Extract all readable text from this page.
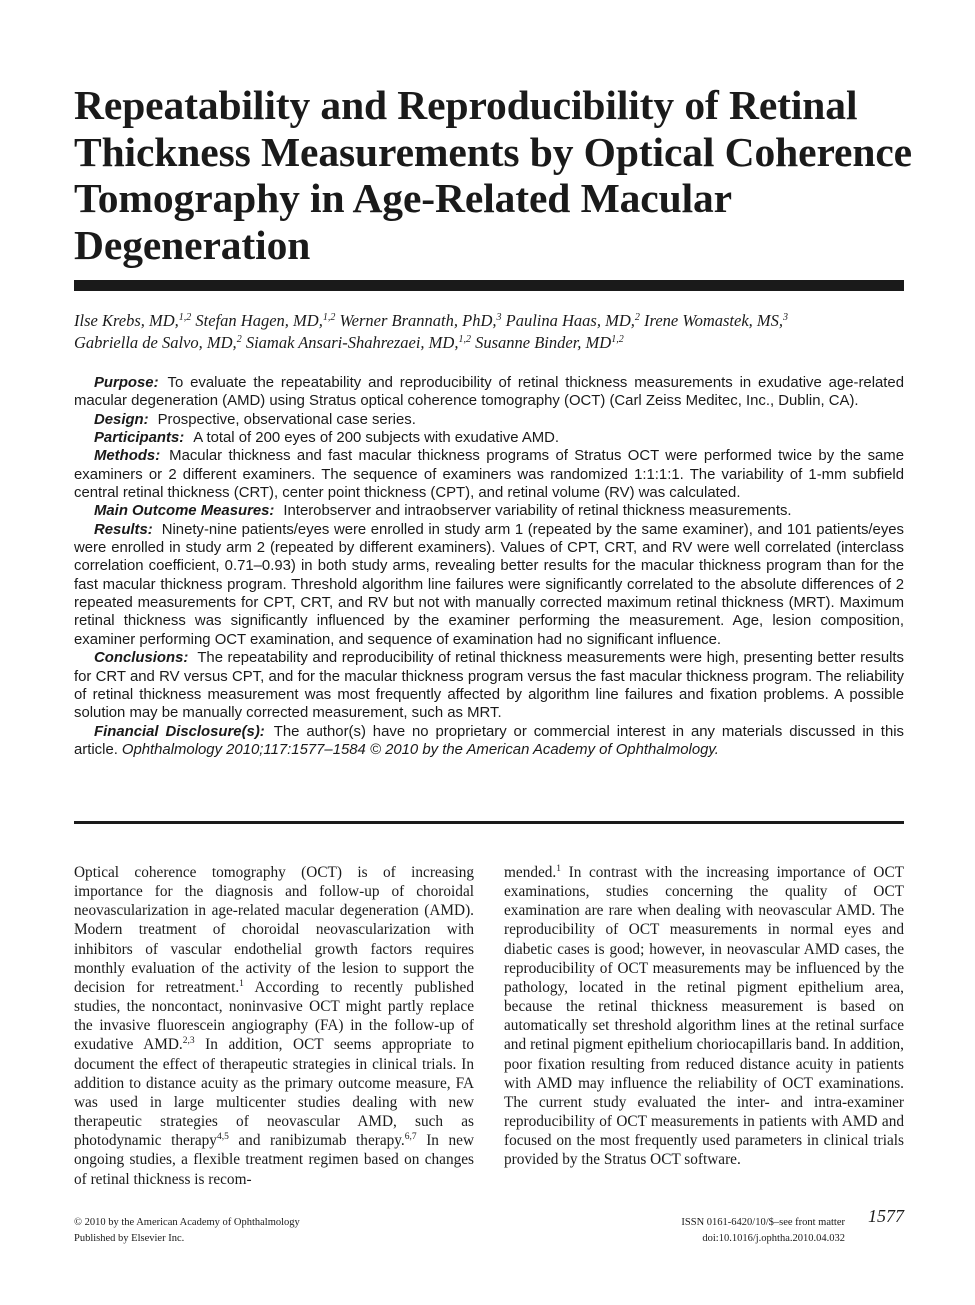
Repeatability and Reproducibility of Retinal Thickness Measurements by Optical Coherence Tomography in Age-Related Macular Degeneration
Ilse Krebs, MD,$^{1,2}$ Stefan Hagen, MD,$^{1,2}$ Werner Brannath, PhD,$^3$ Paulina Haas, MD,$^2$ Irene Womastek, MS,$^3$
Gabriella de Salvo, MD,$^2$ Siamak Ansari-Shahrezaei, MD,$^{1,2}$ Susanne Binder, MD$^{1,2}$

Purpose: To evaluate the repeatability and reproducibility of retinal thickness measurements in exudative age-related macular degeneration (AMD) using Stratus optical coherence tomography (OCT) (Carl Zeiss Meditec, Inc., Dublin, CA).

Design: Prospective, observational case series.

Participants: A total of 200 eyes of 200 subjects with exudative AMD.

Methods: Macular thickness and fast macular thickness programs of Stratus OCT were performed twice by the same examiners or 2 different examiners. The sequence of examiners was randomized 1:1:1:1. The variability of 1-mm subfield central retinal thickness (CRT), center point thickness (CPT), and retinal volume (RV) was calculated.

Main Outcome Measures: Interobserver and intraobserver variability of retinal thickness measurements.

Results: Ninety-nine patients/eyes were enrolled in study arm 1 (repeated by the same examiner), and 101 patients/eyes were enrolled in study arm 2 (repeated by different examiners). Values of CPT, CRT, and RV were well correlated (interclass correlation coefficient, 0.71–0.93) in both study arms, revealing better results for the macular thickness program than for the fast macular thickness program. Threshold algorithm line failures were significantly correlated to the absolute differences of 2 repeated measurements for CPT, CRT, and RV but not with manually corrected maximum retinal thickness (MRT). Maximum retinal thickness was significantly influenced by the examiner performing the measurement. Age, lesion composition, examiner performing OCT examination, and sequence of examination had no significant influence.

Conclusions: The repeatability and reproducibility of retinal thickness measurements were high, presenting better results for CRT and RV versus CPT, and for the macular thickness program versus the fast macular thickness program. The reliability of retinal thickness measurement was most frequently affected by algorithm line failures and fixation problems. A possible solution may be manually corrected measurement, such as MRT.

Financial Disclosure(s): The author(s) have no proprietary or commercial interest in any materials discussed in this article. Ophthalmology 2010;117:1577–1584 © 2010 by the American Academy of Ophthalmology.

Optical coherence tomography (OCT) is of increasing importance for the diagnosis and follow-up of choroidal neovascularization in age-related macular degeneration (AMD). Modern treatment of choroidal neovascularization with inhibitors of vascular endothelial growth factors requires monthly evaluation of the activity of the lesion to support the decision for retreatment.$^1$ According to recently published studies, the noncontact, noninvasive OCT might partly replace the invasive fluorescein angiography (FA) in the follow-up of exudative AMD.$^{2,3}$ In addition, OCT seems appropriate to document the effect of therapeutic strategies in clinical trials. In addition to distance acuity as the primary outcome measure, FA was used in large multicenter studies dealing with new therapeutic strategies of neovascular AMD, such as photodynamic therapy$^{4,5}$ and ranibizumab therapy.$^{6,7}$ In new ongoing studies, a flexible treatment regimen based on changes of retinal thickness is recom-

mended.$^1$ In contrast with the increasing importance of OCT examinations, studies concerning the quality of OCT examination are rare when dealing with neovascular AMD. The reproducibility of OCT measurements in normal eyes and diabetic cases is good; however, in neovascular AMD cases, the reproducibility of OCT measurements may be influenced by the pathology, located in the retinal pigment epithelium area, because the retinal thickness measurement is based on automatically set threshold algorithm lines at the retinal surface and retinal pigment epithelium choriocapillaris band. In addition, poor fixation resulting from reduced distance acuity in patients with AMD may influence the reliability of OCT examinations. The current study evaluated the inter- and intra-examiner reproducibility of OCT measurements in patients with AMD and focused on the most frequently used parameters in clinical trials provided by the Stratus OCT software.

© 2010 by the American Academy of Ophthalmology
Published by Elsevier Inc.
ISSN 0161-6420/10/$–see front matter
doi:10.1016/j.ophtha.2010.04.032
1577
